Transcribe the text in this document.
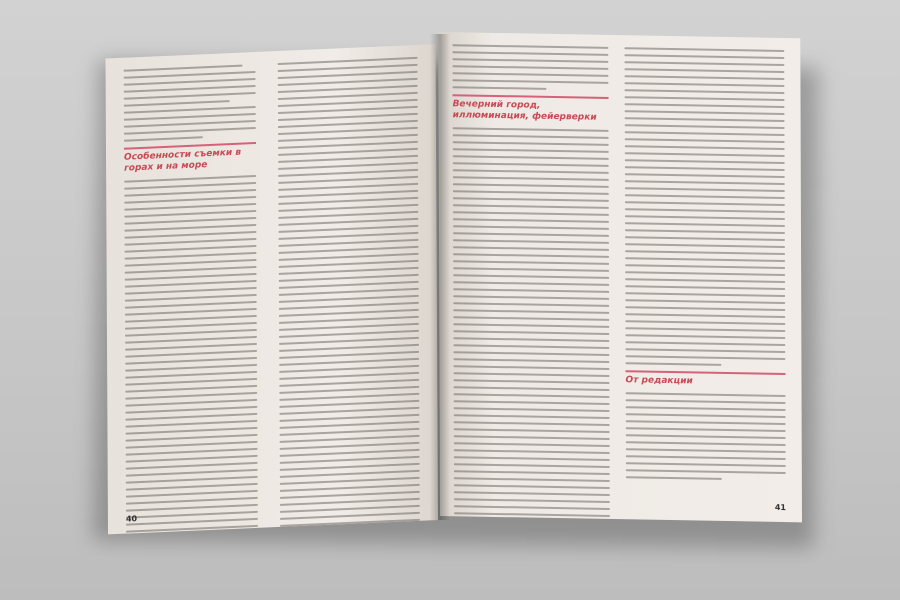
Особенности съемки в горах и на море
40
Вечерний город, иллюминация, фейерверки
От редакции
41
